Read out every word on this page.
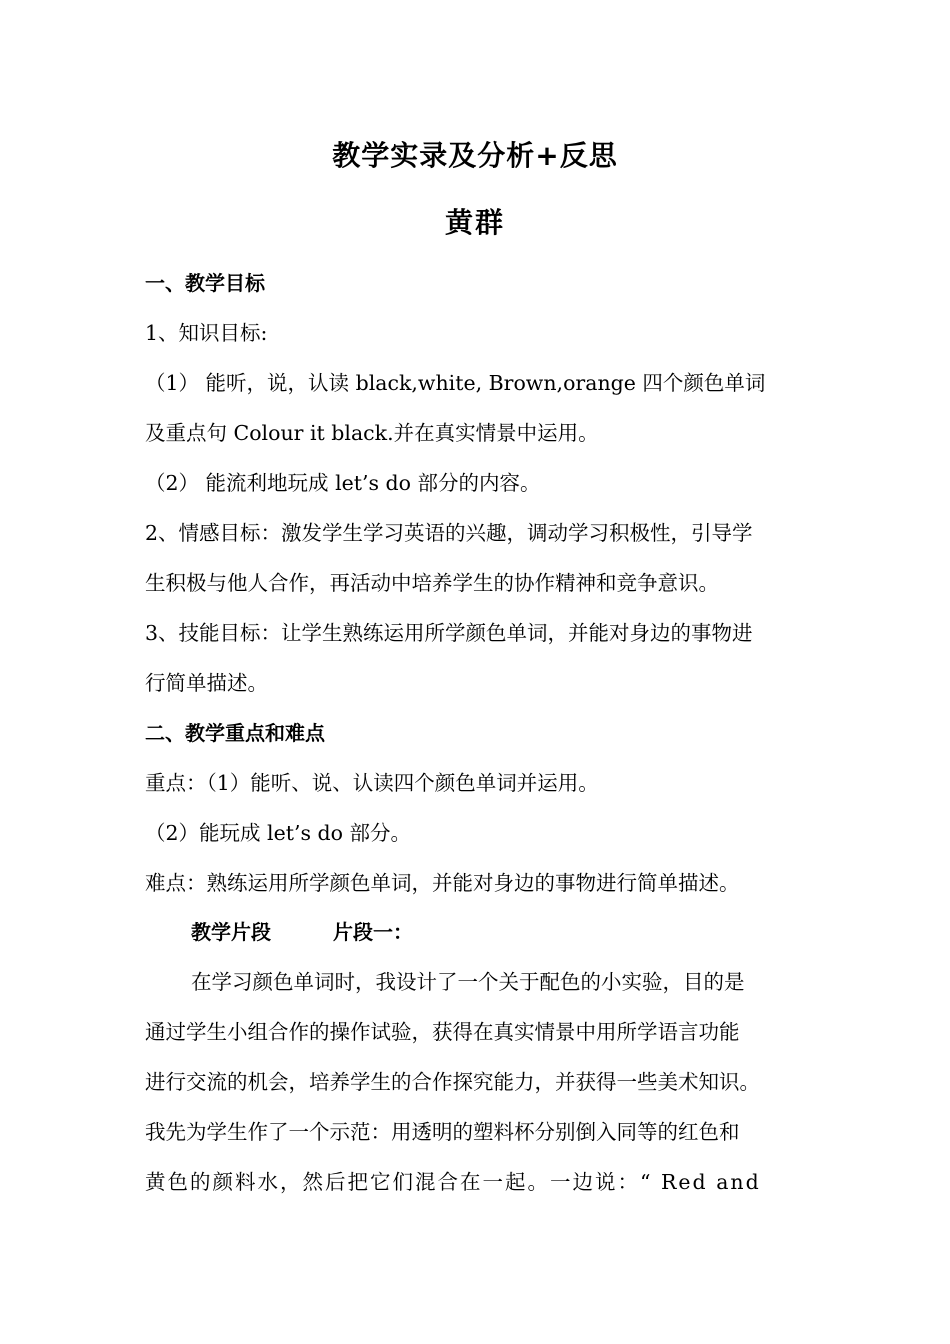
教学实录及分析+反思
黄群
一、教学目标
1、知识目标:
（1） 能听，说，认读 black,white, Brown,orange 四个颜色单词
及重点句 Colour it black.并在真实情景中运用。
（2） 能流利地玩成 let’s do 部分的内容。
2、情感目标：激发学生学习英语的兴趣，调动学习积极性，引导学
生积极与他人合作，再活动中培养学生的协作精神和竞争意识。
3、技能目标：让学生熟练运用所学颜色单词，并能对身边的事物进
行简单描述。
二、教学重点和难点
重点：（1）能听、说、认读四个颜色单词并运用。
（2）能玩成 let’s do 部分。
难点：熟练运用所学颜色单词，并能对身边的事物进行简单描述。
教学片段	片段一：
在学习颜色单词时，我设计了一个关于配色的小实验，目的是
通过学生小组合作的操作试验，获得在真实情景中用所学语言功能
进行交流的机会，培养学生的合作探究能力，并获得一些美术知识。
我先为学生作了一个示范：用透明的塑料杯分别倒入同等的红色和
黄色的颜料水，然后把它们混合在一起。一边说：“ Red and
